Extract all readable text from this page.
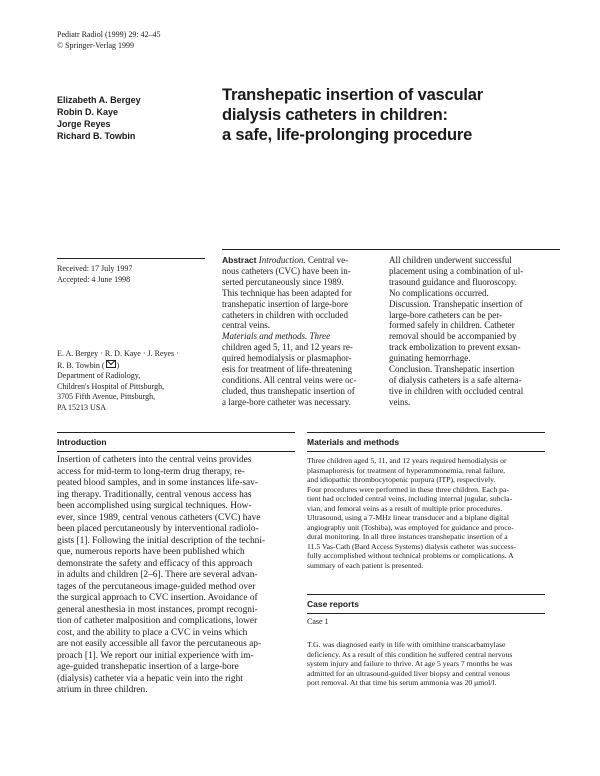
Pediatr Radiol (1999) 29: 42–45
© Springer-Verlag 1999
Elizabeth A. Bergey
Robin D. Kaye
Jorge Reyes
Richard B. Towbin
Transhepatic insertion of vascular
dialysis catheters in children:
a safe, life-prolonging procedure
Received: 17 July 1997
Accepted: 4 June 1998
E. A. Bergey · R. D. Kaye · J. Reyes ·
R. B. Towbin ( )
Department of Radiology,
Children's Hospital of Pittsburgh,
3705 Fifth Avenue, Pittsburgh,
PA 15213 USA
Abstract Introduction. Central ve-
nous catheters (CVC) have been in-
serted percutaneously since 1989.
This technique has been adapted for
transhepatic insertion of large-bore
catheters in children with occluded
central veins.
Materials and methods. Three
children aged 5, 11, and 12 years re-
quired hemodialysis or plasmaphor-
esis for treatment of life-threatening
conditions. All central veins were oc-
cluded, thus transhepatic insertion of
a large-bore catheter was necessary.
All children underwent successful
placement using a combination of ul-
trasound guidance and fluoroscopy.
No complications occurred.
Discussion. Transhepatic insertion of
large-bore catheters can be per-
formed safely in children. Catheter
removal should be accompanied by
track embolization to prevent exsan-
guinating hemorrhage.
Conclusion. Transhepatic insertion
of dialysis catheters is a safe alterna-
tive in children with occluded central
veins.
Introduction
Insertion of catheters into the central veins provides
access for mid-term to long-term drug therapy, re-
peated blood samples, and in some instances life-sav-
ing therapy. Traditionally, central venous access has
been accomplished using surgical techniques. How-
ever, since 1989, central venous catheters (CVC) have
been placed percutaneously by interventional radiolo-
gists [1]. Following the initial description of the techni-
que, numerous reports have been published which
demonstrate the safety and efficacy of this approach
in adults and children [2–6]. There are several advan-
tages of the percutaneous image-guided method over
the surgical approach to CVC insertion. Avoidance of
general anesthesia in most instances, prompt recogni-
tion of catheter malposition and complications, lower
cost, and the ability to place a CVC in veins which
are not easily accessible all favor the percutaneous ap-
proach [1]. We report our initial experience with im-
age-guided transhepatic insertion of a large-bore
(dialysis) catheter via a hepatic vein into the right
atrium in three children.
Materials and methods
Three children aged 5, 11, and 12 years required hemodialysis or
plasmaphoresis for treatment of hyperammonemia, renal failure,
and idiopathic thrombocytopenic purpura (ITP), respectively.
Four procedures were performed in these three children. Each pa-
tient had occluded central veins, including internal jugular, subcla-
vian, and femoral veins as a result of multiple prior procedures.
Ultrasound, using a 7-MHz linear transducer and a biplane digital
angiography unit (Toshiba), was employed for guidance and proce-
dural monitoring. In all three instances transhepatic insertion of a
11.5 Vas-Cath (Bard Access Systems) dialysis catheter was success-
fully accomplished without technical problems or complications. A
summary of each patient is presented.
Case reports
Case 1
T.G. was diagnosed early in life with ornithine transcarbamylase
deficiency. As a result of this condition he suffered central nervous
system injury and failure to thrive. At age 5 years 7 months he was
admitted for an ultrasound-guided liver biopsy and central venous
port removal. At that time his serum ammonia was 20 μmol/l.
